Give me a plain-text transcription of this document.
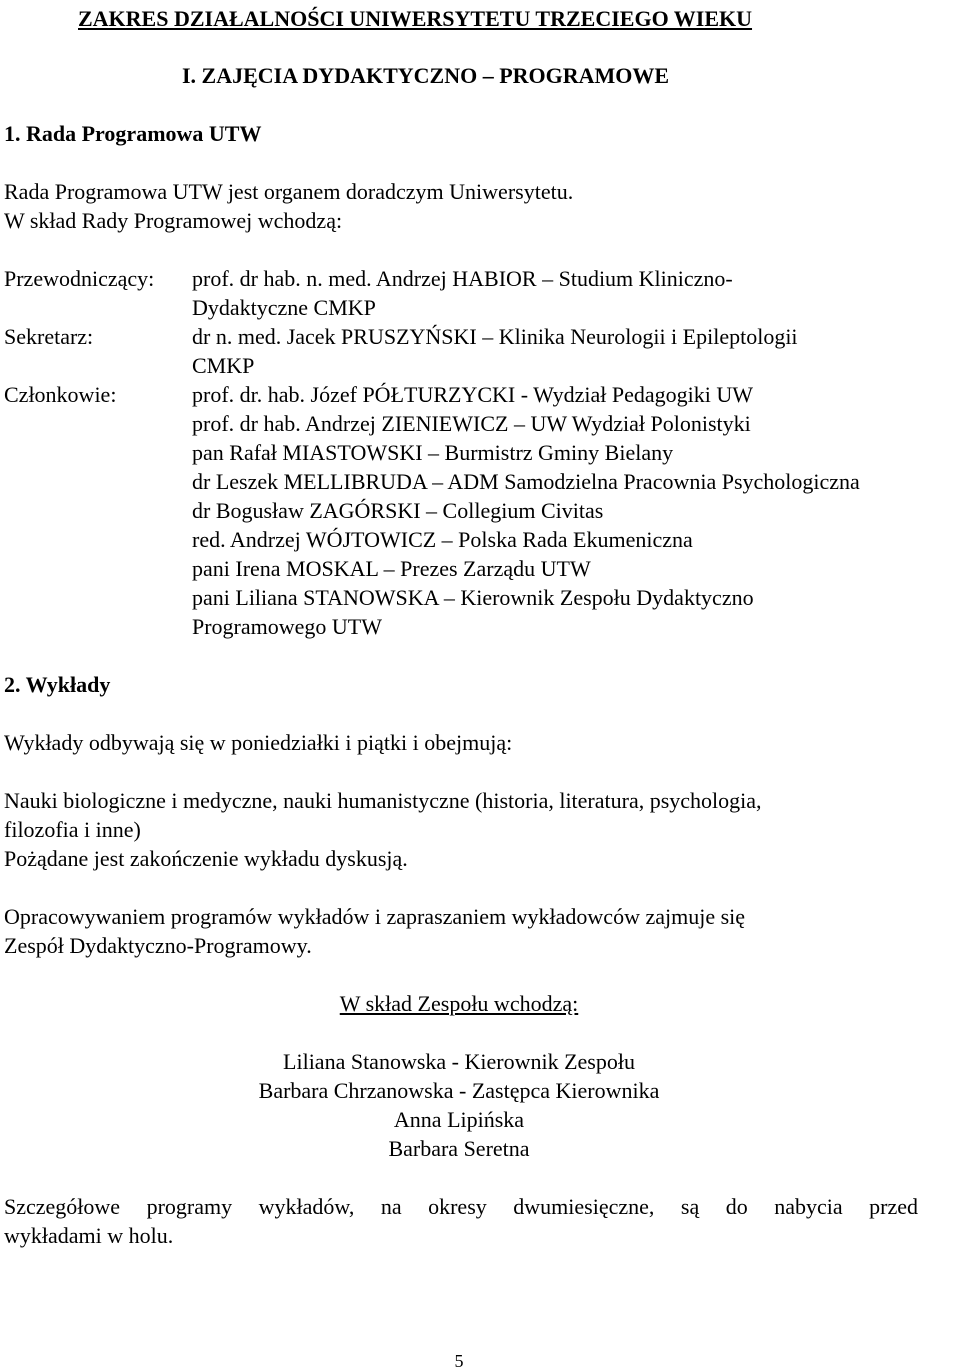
ZAKRES DZIAŁALNOŚCI UNIWERSYTETU TRZECIEGO WIEKU
I. ZAJĘCIA DYDAKTYCZNO – PROGRAMOWE
1. Rada Programowa UTW
Rada Programowa UTW jest organem doradczym Uniwersytetu.
W skład Rady Programowej wchodzą:
Przewodniczący: prof. dr hab. n. med. Andrzej HABIOR – Studium Kliniczno-
Dydaktyczne CMKP
Sekretarz:	dr n. med. Jacek PRUSZYŃSKI – Klinika Neurologii i Epileptologii
CMKP
Członkowie:	prof. dr. hab. Józef PÓŁTURZYCKI - Wydział Pedagogiki UW
prof. dr hab. Andrzej ZIENIEWICZ – UW Wydział Polonistyki
pan Rafał MIASTOWSKI – Burmistrz Gminy Bielany
dr Leszek MELLIBRUDA – ADM Samodzielna Pracownia Psychologiczna
dr Bogusław ZAGÓRSKI – Collegium Civitas
red. Andrzej WÓJTOWICZ – Polska Rada Ekumeniczna
pani Irena MOSKAL – Prezes Zarządu UTW
pani Liliana STANOWSKA – Kierownik Zespołu Dydaktyczno
Programowego UTW
2. Wykłady
Wykłady odbywają się w poniedziałki i piątki i obejmują:
Nauki biologiczne i medyczne, nauki humanistyczne (historia, literatura, psychologia,
filozofia i inne)
Pożądane jest zakończenie wykładu dyskusją.
Opracowywaniem programów wykładów i zapraszaniem wykładowców zajmuje się
Zespół Dydaktyczno-Programowy.
W skład Zespołu wchodzą:
Liliana Stanowska - Kierownik Zespołu
Barbara Chrzanowska - Zastępca Kierownika
Anna Lipińska
Barbara Seretna
Szczegółowe programy wykładów, na okresy dwumiesięczne, są do nabycia przed
wykładami w holu.
5
